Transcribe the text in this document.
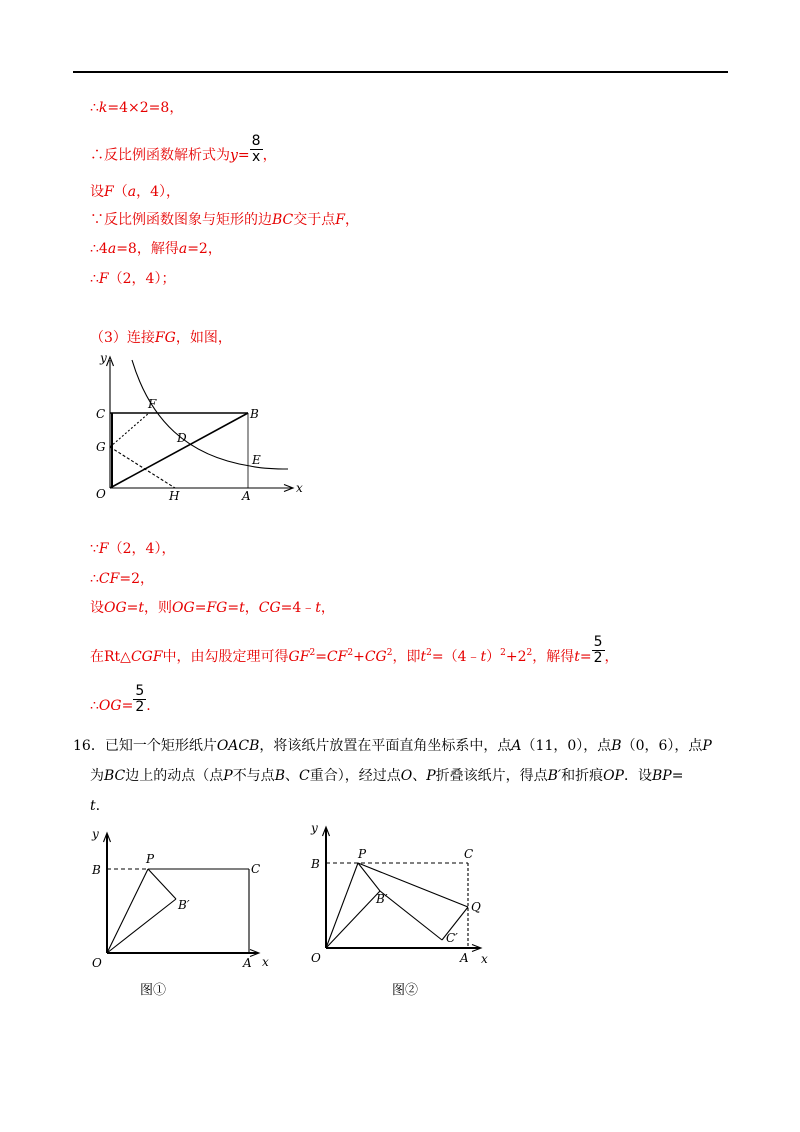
∴k=4×2=8，
∴反比例函数解析式为$y= \frac{8}{x}$ ，
设F（a，4），
∵反比例函数图象与矩形的边BC交于点F，
∴4a=8，解得a=2，
∴F（2，4）；
（3）连接FG，如图，
y
x
C
F
B
G
D
E
O	H	A
∵F（2，4），
∴CF=2，
设OG=t，则OG=FG=t，CG=4﹣t，
在Rt△CGF中，由勾股定理可得$GF^2=CF^2+CG^2$，即$t^2=(4﹣t)^2+2^2$，解得$t= \frac{5}{2}$ ，
∴OG= $\frac{5}{2}$ .
16．已知一个矩形纸片OACB，将该纸片放置在平面直角坐标系中，点A（11，0），点B（0，6），点P
为BC边上的动点（点P不与点B、C重合），经过点O、P折叠该纸片，得点B′和折痕OP．设BP=
t.
y
x
B
P
C
B′
O	A
图①
y
x
B
P	C
B′
Q
C′
O	A
图②
